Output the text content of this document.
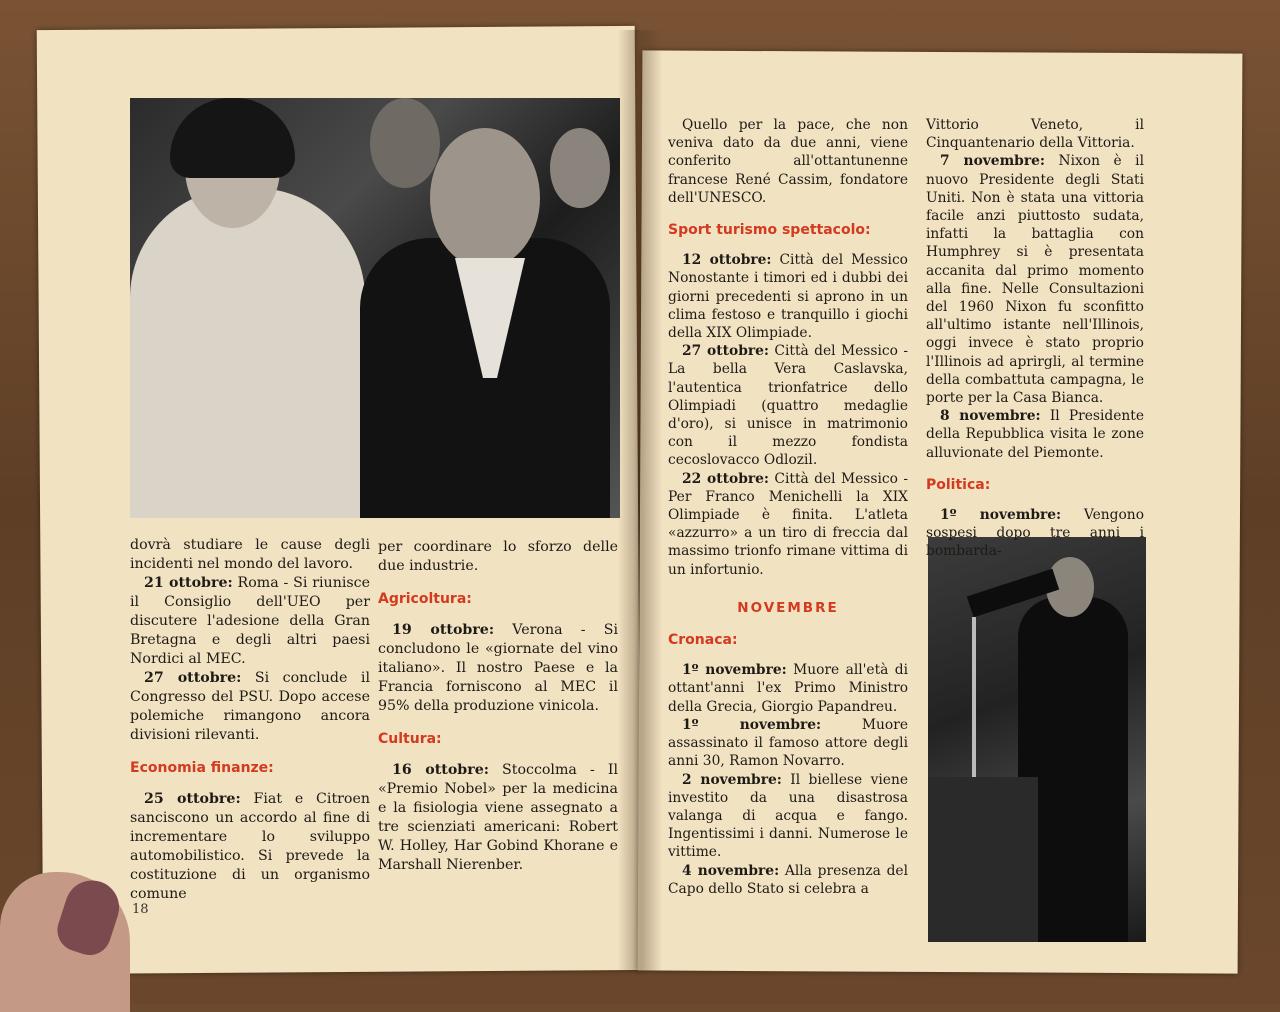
dovrà studiare le cause degli incidenti nel mondo del lavoro.

21 ottobre: Roma - Si riunisce il Consiglio dell'UEO per discutere l'adesione della Gran Bretagna e degli altri paesi Nordici al MEC.

27 ottobre: Si conclude il Congresso del PSU. Dopo accese polemiche rimangono ancora divisioni rilevanti.

Economia finanze:

25 ottobre: Fiat e Citroen sanciscono un accordo al fine di incrementare lo sviluppo automobilistico. Si prevede la costituzione di un organismo comune

per coordinare lo sforzo delle due industrie.

Agricoltura:

19 ottobre: Verona - Si concludono le «giornate del vino italiano». Il nostro Paese e la Francia forniscono al MEC il 95% della produzione vinicola.

Cultura:

16 ottobre: Stoccolma - Il «Premio Nobel» per la medicina e la fisiologia viene assegnato a tre scienziati americani: Robert W. Holley, Har Gobind Khorane e Marshall Nierenber.

18

Quello per la pace, che non veniva dato da due anni, viene conferito all'ottantunenne francese René Cassim, fondatore dell'UNESCO.

Sport turismo spettacolo:

12 ottobre: Città del Messico Nonostante i timori ed i dubbi dei giorni precedenti si aprono in un clima festoso e tranquillo i giochi della XIX Olimpiade.

27 ottobre: Città del Messico - La bella Vera Caslavska, l'autentica trionfatrice dello Olimpiadi (quattro medaglie d'oro), si unisce in matrimonio con il mezzo fondista cecoslovacco Odlozil.

22 ottobre: Città del Messico - Per Franco Menichelli la XIX Olimpiade è finita. L'atleta «azzurro» a un tiro di freccia dal massimo trionfo rimane vittima di un infortunio.

NOVEMBRE
Cronaca:

1º novembre: Muore all'età di ottant'anni l'ex Primo Ministro della Grecia, Giorgio Papandreu.

1º novembre: Muore assassinato il famoso attore degli anni 30, Ramon Novarro.

2 novembre: Il biellese viene investito da una disastrosa valanga di acqua e fango. Ingentissimi i danni. Numerose le vittime.

4 novembre: Alla presenza del Capo dello Stato si celebra a

Vittorio Veneto, il Cinquantenario della Vittoria.

7 novembre: Nixon è il nuovo Presidente degli Stati Uniti. Non è stata una vittoria facile anzi piuttosto sudata, infatti la battaglia con Humphrey si è presentata accanita dal primo momento alla fine. Nelle Consultazioni del 1960 Nixon fu sconfitto all'ultimo istante nell'Illinois, oggi invece è stato proprio l'Illinois ad aprirgli, al termine della combattuta campagna, le porte per la Casa Bianca.

8 novembre: Il Presidente della Repubblica visita le zone alluvionate del Piemonte.

Politica:

1º novembre: Vengono sospesi dopo tre anni i bombarda-
